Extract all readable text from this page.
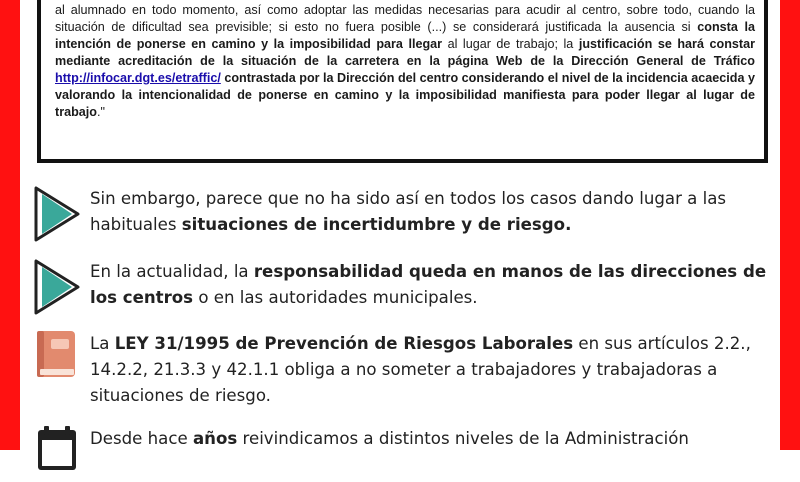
al alumnado en todo momento, así como adoptar las medidas necesarias para acudir al centro, sobre todo, cuando la situación de dificultad sea previsible; si esto no fuera posible (...) se considerará justificada la ausencia si consta la intención de ponerse en camino y la imposibilidad para llegar al lugar de trabajo; la justificación se hará constar mediante acreditación de la situación de la carretera en la página Web de la Dirección General de Tráfico http://infocar.dgt.es/etraffic/ contrastada por la Dirección del centro considerando el nivel de la incidencia acaecida y valorando la intencionalidad de ponerse en camino y la imposibilidad manifiesta para poder llegar al lugar de trabajo."

Sin embargo, parece que no ha sido así en todos los casos dando lugar a las habituales situaciones de incertidumbre y de riesgo.

En la actualidad, la responsabilidad queda en manos de las direcciones de los centros o en las autoridades municipales.

La LEY 31/1995 de Prevención de Riesgos Laborales en sus artículos 2.2., 14.2.2, 21.3.3 y 42.1.1 obliga a no someter a trabajadores y trabajadoras a situaciones de riesgo.

Desde hace años reivindicamos a distintos niveles de la Administración
